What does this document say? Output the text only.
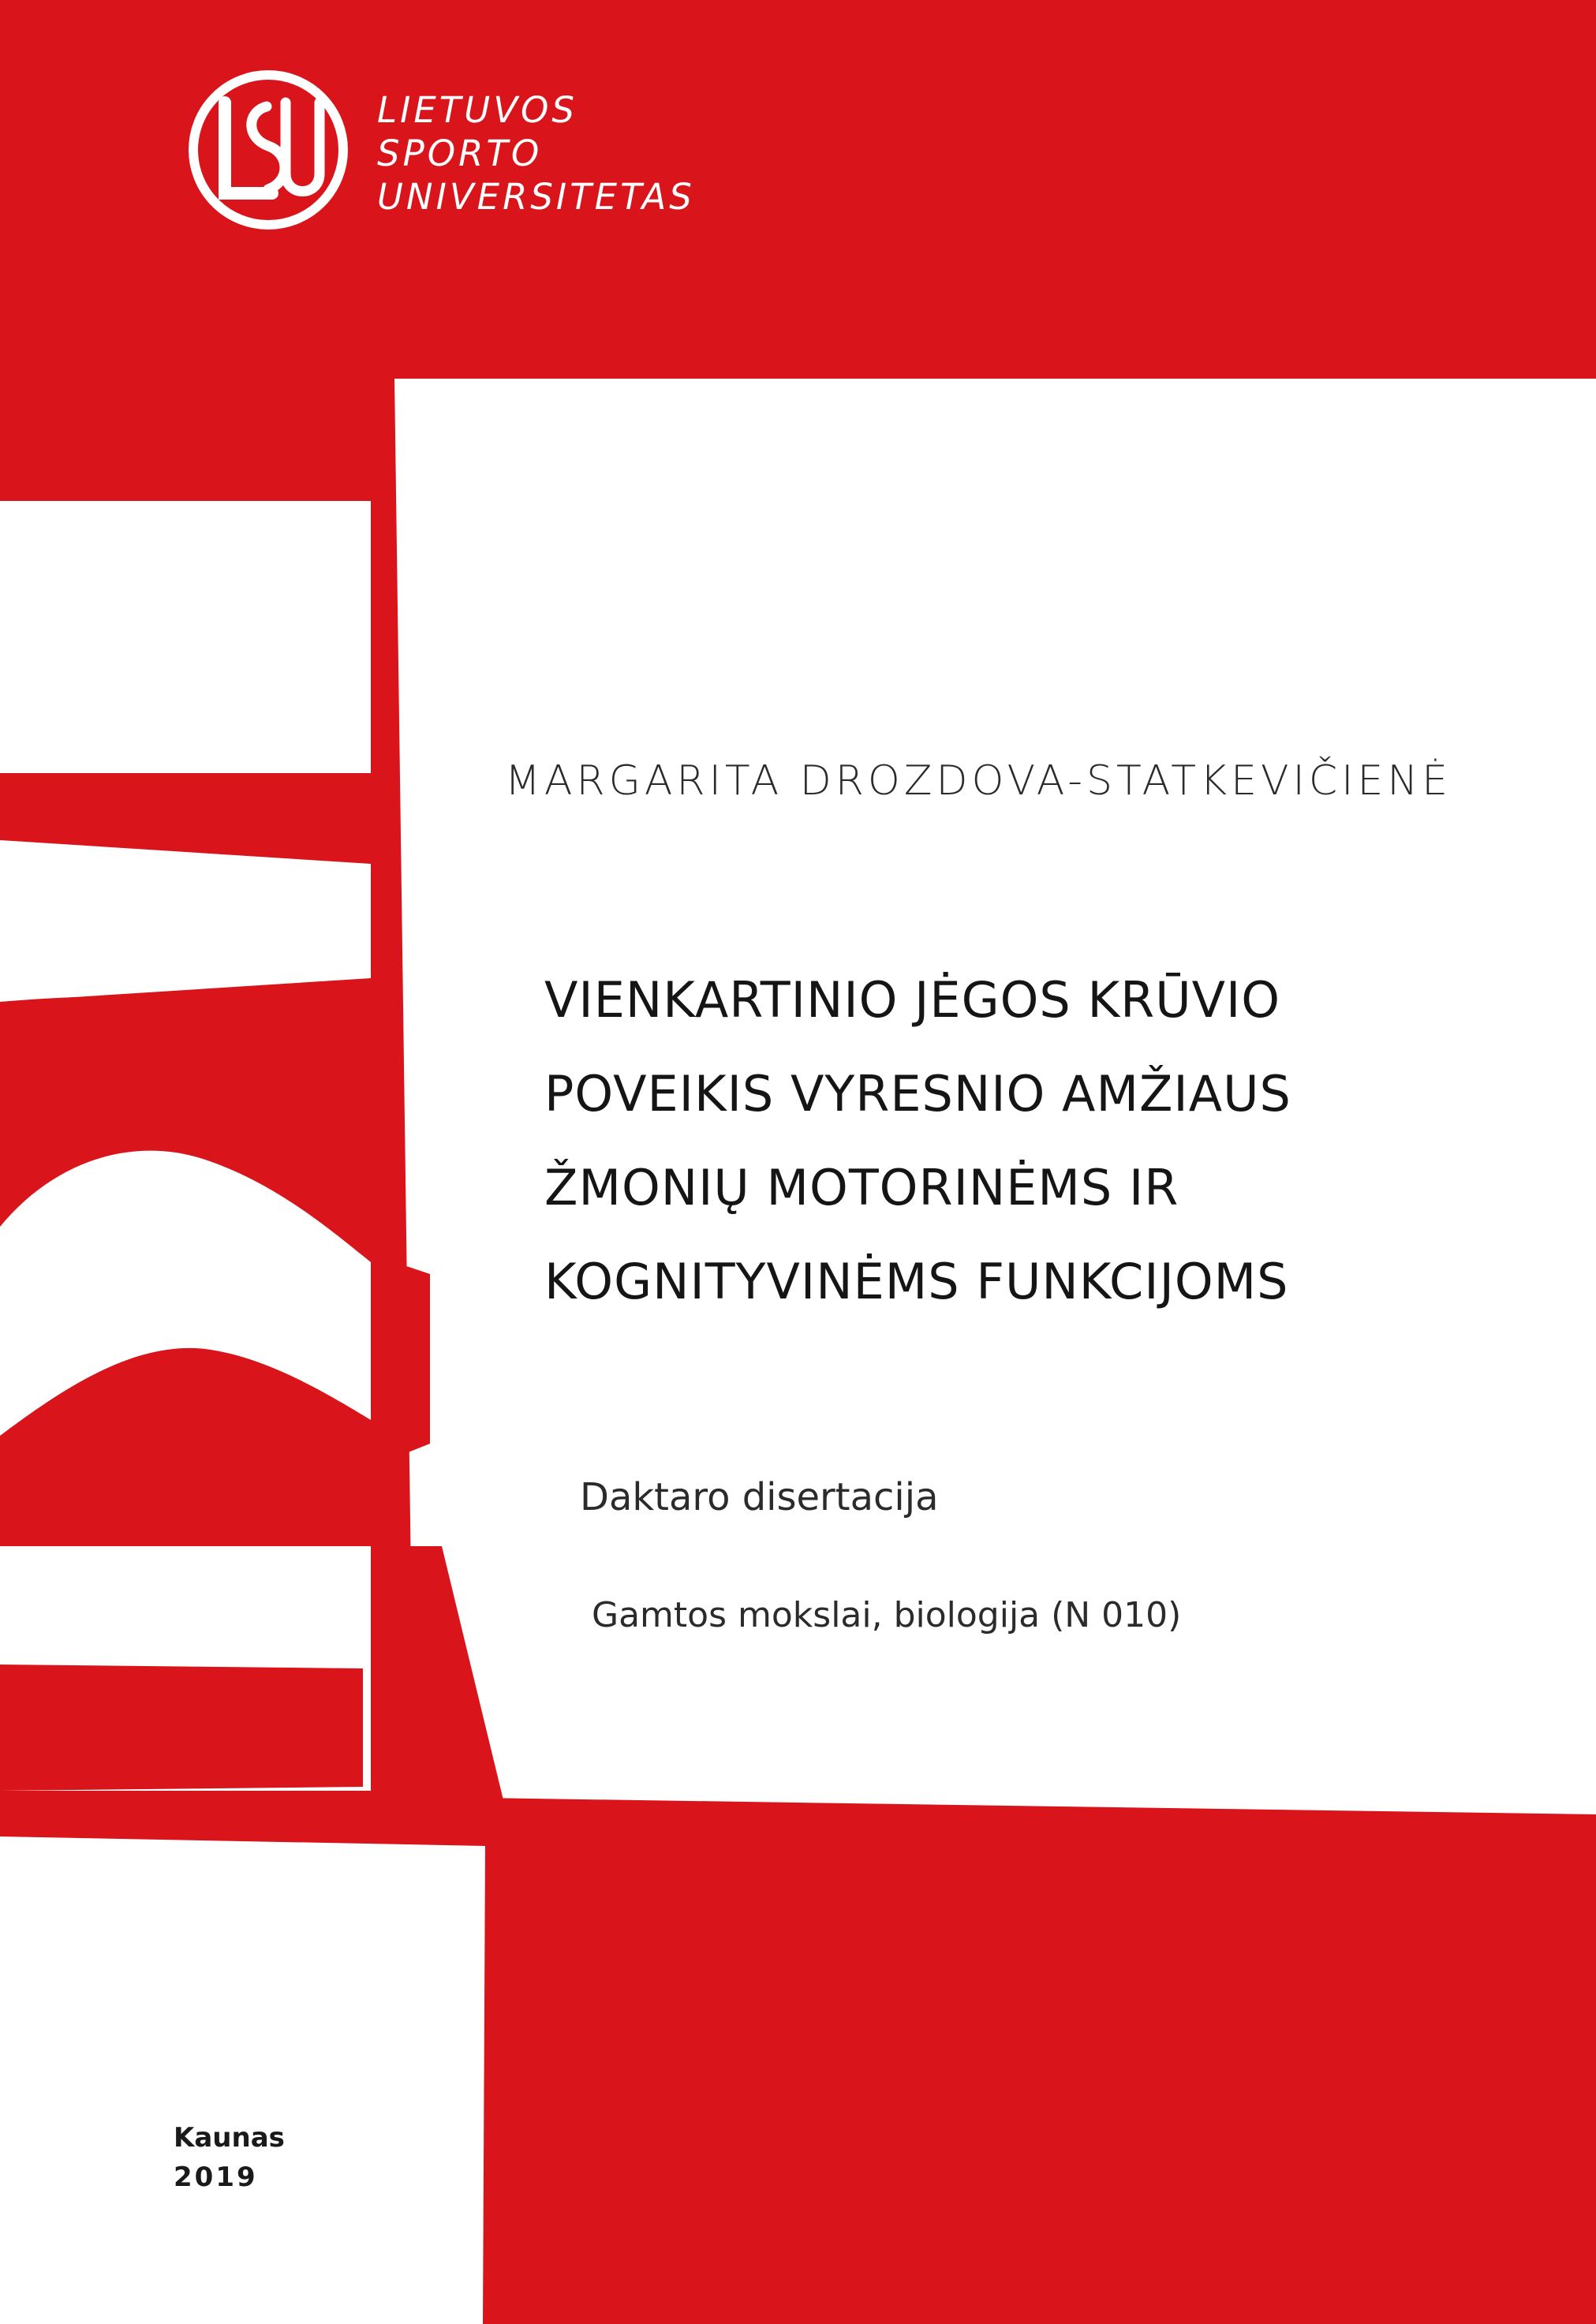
LIETUVOS
SPORTO
UNIVERSITETAS
MARGARITA DROZDOVA-STATKEVIČIENĖ
VIENKARTINIO JĖGOS KRŪVIO
POVEIKIS VYRESNIO AMŽIAUS
ŽMONIŲ MOTORINĖMS IR
KOGNITYVINĖMS FUNKCIJOMS
Daktaro disertacija
Gamtos mokslai, biologija (N 010)
Kaunas
2019
